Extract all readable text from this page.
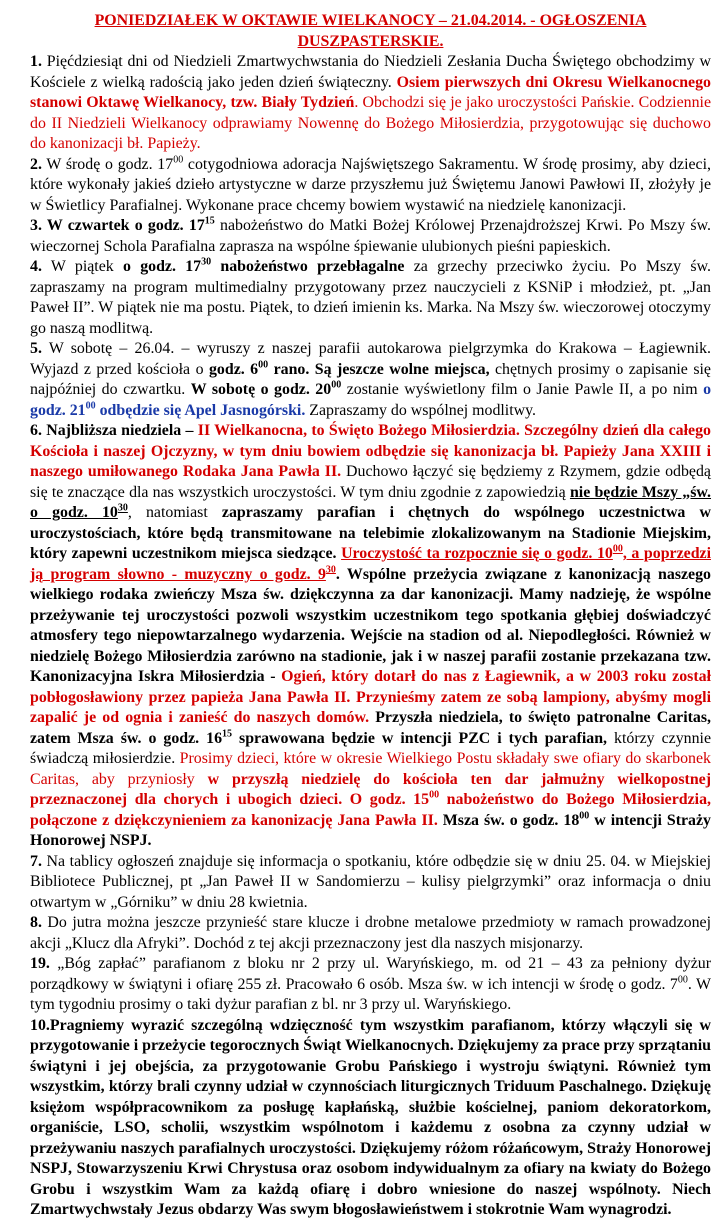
PONIEDZIAŁEK W OKTAWIE WIELKANOCY – 21.04.2014. - OGŁOSZENIA DUSZPASTERSKIE.

1. Pięćdziesiąt dni od Niedzieli Zmartwychwstania do Niedzieli Zesłania Ducha Świętego obchodzimy w Kościele z wielką radością jako jeden dzień świąteczny. Osiem pierwszych dni Okresu Wielkanocnego stanowi Oktawę Wielkanocy, tzw. Biały Tydzień. Obchodzi się je jako uroczystości Pańskie. Codziennie do II Niedzieli Wielkanocy odprawiamy Nowennę do Bożego Miłosierdzia, przygotowując się duchowo do kanonizacji bł. Papieży.

2. W środę o godz. $17^{00}$ cotygodniowa adoracja Najświętszego Sakramentu. W środę prosimy, aby dzieci, które wykonały jakieś dzieło artystyczne w darze przyszłemu już Świętemu Janowi Pawłowi II, złożyły je w Świetlicy Parafialnej. Wykonane prace chcemy bowiem wystawić na niedzielę kanonizacji.

3. W czwartek o godz. $17^{15}$ nabożeństwo do Matki Bożej Królowej Przenajdroższej Krwi. Po Mszy św. wieczornej Schola Parafialna zaprasza na wspólne śpiewanie ulubionych pieśni papieskich.

4. W piątek o godz. $17^{30}$ nabożeństwo przebłagalne za grzechy przeciwko życiu. Po Mszy św. zapraszamy na program multimedialny przygotowany przez nauczycieli z KSNiP i młodzież, pt. „Jan Paweł II”. W piątek nie ma postu. Piątek, to dzień imienin ks. Marka. Na Mszy św. wieczorowej otoczymy go naszą modlitwą.

5. W sobotę – 26.04. – wyruszy z naszej parafii autokarowa pielgrzymka do Krakowa – Łagiewnik. Wyjazd z przed kościoła o godz. $6^{00}$ rano. Są jeszcze wolne miejsca, chętnych prosimy o zapisanie się najpóźniej do czwartku. W sobotę o godz. $20^{00}$ zostanie wyświetlony film o Janie Pawle II, a po nim o godz. $21^{00}$ odbędzie się Apel Jasnogórski. Zapraszamy do wspólnej modlitwy.

6. Najbliższa niedziela – II Wielkanocna, to Święto Bożego Miłosierdzia. Szczególny dzień dla całego Kościoła i naszej Ojczyzny, w tym dniu bowiem odbędzie się kanonizacja bł. Papieży Jana XXIII i naszego umiłowanego Rodaka Jana Pawła II. Duchowo łączyć się będziemy z Rzymem, gdzie odbędą się te znaczące dla nas wszystkich uroczystości. W tym dniu zgodnie z zapowiedzią nie będzie Mszy „św. o godz. $10^{30}$, natomiast zapraszamy parafian i chętnych do wspólnego uczestnictwa w uroczystościach, które będą transmitowane na telebimie zlokalizowanym na Stadionie Miejskim, który zapewni uczestnikom miejsca siedzące. Uroczystość ta rozpocznie się o godz. $10^{00}$, a poprzedzi ją program słowno - muzyczny o godz. $9^{30}$. Wspólne przeżycia związane z kanonizacją naszego wielkiego rodaka zwieńczy Msza św. dziękczynna za dar kanonizacji. Mamy nadzieję, że wspólne przeżywanie tej uroczystości pozwoli wszystkim uczestnikom tego spotkania głębiej doświadczyć atmosfery tego niepowtarzalnego wydarzenia. Wejście na stadion od al. Niepodległości. Również w niedzielę Bożego Miłosierdzia zarówno na stadionie, jak i w naszej parafii zostanie przekazana tzw. Kanonizacyjna Iskra Miłosierdzia - Ogień, który dotarł do nas z Łagiewnik, a w 2003 roku został pobłogosławiony przez papieża Jana Pawła II. Przynieśmy zatem ze sobą lampiony, abyśmy mogli zapalić je od ognia i zanieść do naszych domów. Przyszła niedziela, to święto patronalne Caritas, zatem Msza św. o godz. $16^{15}$ sprawowana będzie w intencji PZC i tych parafian, którzy czynnie świadczą miłosierdzie. Prosimy dzieci, które w okresie Wielkiego Postu składały swe ofiary do skarbonek Caritas, aby przyniosły w przyszłą niedzielę do kościoła ten dar jałmużny wielkopostnej przeznaczonej dla chorych i ubogich dzieci. O godz. $15^{00}$ nabożeństwo do Bożego Miłosierdzia, połączone z dziękczynieniem za kanonizację Jana Pawła II. Msza św. o godz. $18^{00}$ w intencji Straży Honorowej NSPJ.

7. Na tablicy ogłoszeń znajduje się informacja o spotkaniu, które odbędzie się w dniu 25. 04. w Miejskiej Bibliotece Publicznej, pt „Jan Paweł II w Sandomierzu – kulisy pielgrzymki” oraz informacja o dniu otwartym w „Górniku” w dniu 28 kwietnia.

8. Do jutra można jeszcze przynieść stare klucze i drobne metalowe przedmioty w ramach prowadzonej akcji „Klucz dla Afryki”. Dochód z tej akcji przeznaczony jest dla naszych misjonarzy.

19. „Bóg zapłać” parafianom z bloku nr 2 przy ul. Waryńskiego, m. od 21 – 43 za pełniony dyżur porządkowy w świątyni i ofiarę 255 zł. Pracowało 6 osób. Msza św. w ich intencji w środę o godz. $7^{00}$. W tym tygodniu prosimy o taki dyżur parafian z bl. nr 3 przy ul. Waryńskiego.

10.Pragniemy wyrazić szczególną wdzięczność tym wszystkim parafianom, którzy włączyli się w przygotowanie i przeżycie tegorocznych Świąt Wielkanocnych. Dziękujemy za prace przy sprzątaniu świątyni i jej obejścia, za przygotowanie Grobu Pańskiego i wystroju świątyni. Również tym wszystkim, którzy brali czynny udział w czynnościach liturgicznych Triduum Paschalnego. Dziękuję księżom współpracownikom za posługę kapłańską, służbie kościelnej, paniom dekoratorkom, organiście, LSO, scholii, wszystkim wspólnotom i każdemu z osobna za czynny udział w przeżywaniu naszych parafialnych uroczystości. Dziękujemy różom różańcowym, Straży Honorowej NSPJ, Stowarzyszeniu Krwi Chrystusa oraz osobom indywidualnym za ofiary na kwiaty do Bożego Grobu i wszystkim Wam za każdą ofiarę i dobro wniesione do naszej wspólnoty. Niech Zmartwychwstały Jezus obdarzy Was swym błogosławieństwem i stokrotnie Wam wynagrodzi.
